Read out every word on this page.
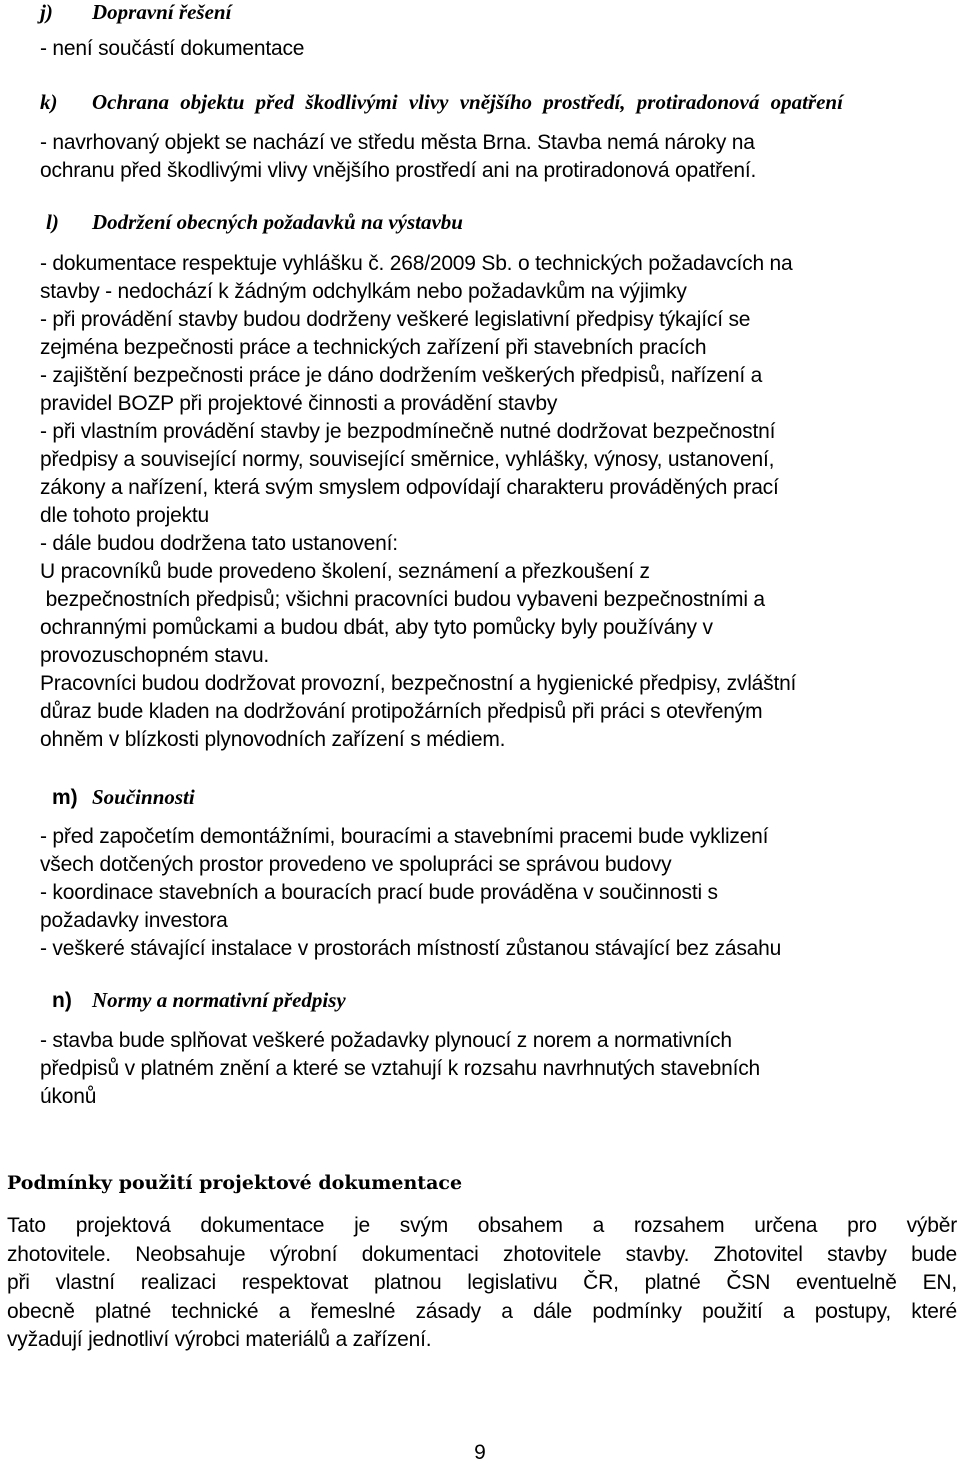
j) Dopravní řešení
- není součástí dokumentace
k) Ochrana objektu před škodlivými vlivy vnějšího prostředí, protiradonová opatření
- navrhovaný objekt se nachází ve středu města Brna. Stavba nemá nároky na
ochranu před škodlivými vlivy vnějšího prostředí ani na protiradonová opatření.
l) Dodržení obecných požadavků na výstavbu
- dokumentace respektuje vyhlášku č. 268/2009 Sb. o technických požadavcích na
stavby - nedochází k žádným odchylkám nebo požadavkům na výjimky
- při provádění stavby budou dodrženy veškeré legislativní předpisy týkající se
zejména bezpečnosti práce a technických zařízení při stavebních pracích
- zajištění bezpečnosti práce je dáno dodržením veškerých předpisů, nařízení a
pravidel BOZP při projektové činnosti a provádění stavby
- při vlastním provádění stavby je bezpodmínečně nutné dodržovat bezpečnostní
předpisy a související normy, související směrnice, vyhlášky, výnosy, ustanovení,
zákony a nařízení, která svým smyslem odpovídají charakteru prováděných prací
dle tohoto projektu
- dále budou dodržena tato ustanovení:
U pracovníků bude provedeno školení, seznámení a přezkoušení z
bezpečnostních předpisů; všichni pracovníci budou vybaveni bezpečnostními a
ochrannými pomůckami a budou dbát, aby tyto pomůcky byly používány v
provozuschopném stavu.
Pracovníci budou dodržovat provozní, bezpečnostní a hygienické předpisy, zvláštní
důraz bude kladen na dodržování protipožárních předpisů při práci s otevřeným
ohněm v blízkosti plynovodních zařízení s médiem.
m) Součinnosti
- před započetím demontážními, bouracími a stavebními pracemi bude vyklizení
všech dotčených prostor provedeno ve spolupráci se správou budovy
- koordinace stavebních a bouracích prací bude prováděna v součinnosti s
požadavky investora
- veškeré stávající instalace v prostorách místností zůstanou stávající bez zásahu
n) Normy a normativní předpisy
- stavba bude splňovat veškeré požadavky plynoucí z norem a normativních
předpisů v platném znění a které se vztahují k rozsahu navrhnutých stavebních
úkonů
Podmínky použití projektové dokumentace
Tato projektová dokumentace je svým obsahem a rozsahem určena pro výběr
zhotovitele. Neobsahuje výrobní dokumentaci zhotovitele stavby. Zhotovitel stavby bude
při vlastní realizaci respektovat platnou legislativu ČR, platné ČSN eventuelně EN,
obecně platné technické a řemeslné zásady a dále podmínky použití a postupy, které
vyžadují jednotliví výrobci materiálů a zařízení.

9
